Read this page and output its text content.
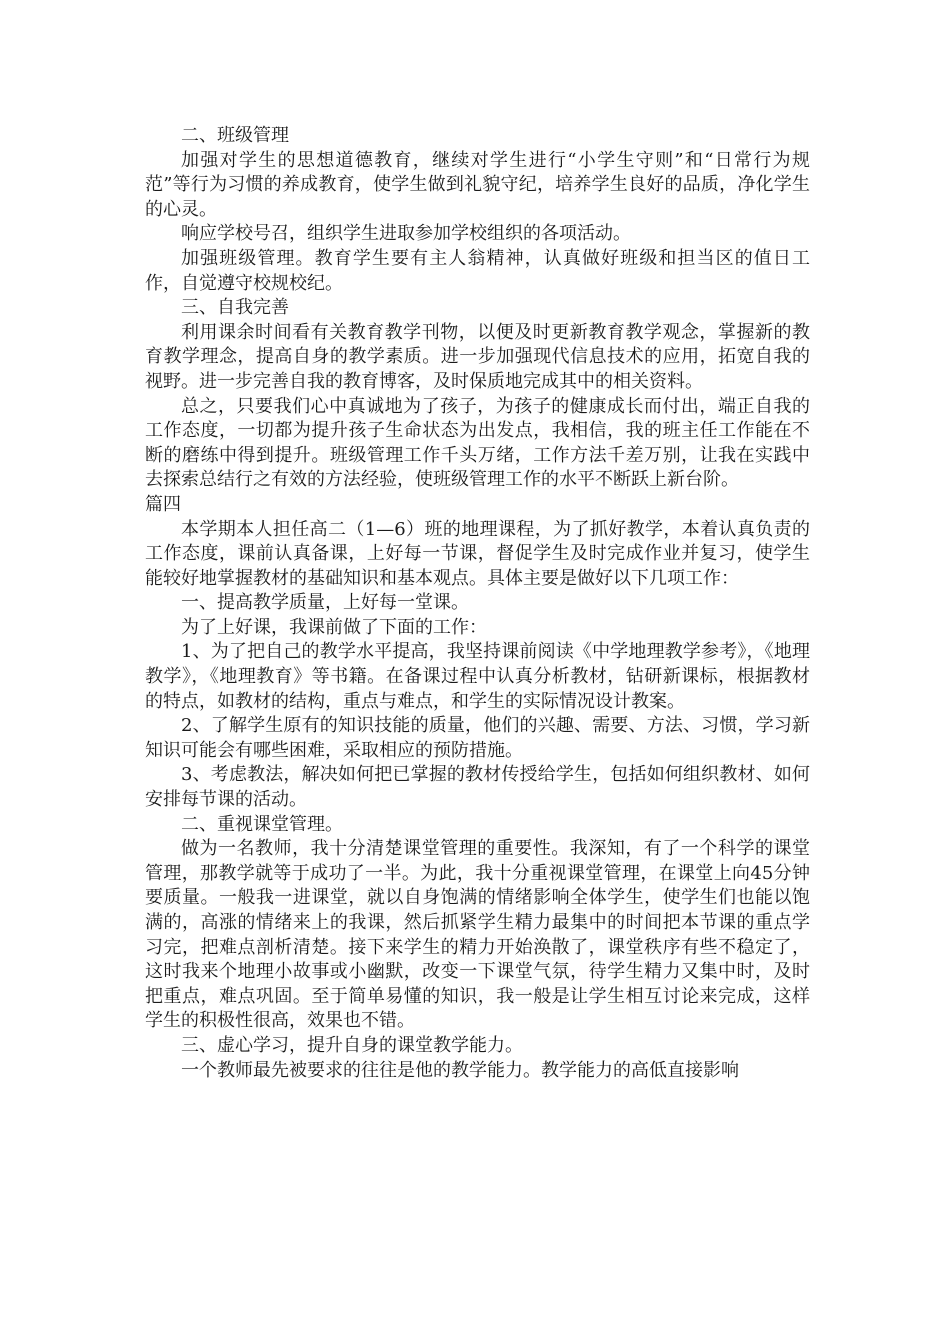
二、班级管理

加强对学生的思想道德教育，继续对学生进行“小学生守则”和“日常行为规范”等行为习惯的养成教育，使学生做到礼貌守纪，培养学生良好的品质，净化学生的心灵。

响应学校号召，组织学生进取参加学校组织的各项活动。

加强班级管理。教育学生要有主人翁精神，认真做好班级和担当区的值日工作，自觉遵守校规校纪。

三、自我完善

利用课余时间看有关教育教学刊物，以便及时更新教育教学观念，掌握新的教育教学理念，提高自身的教学素质。进一步加强现代信息技术的应用，拓宽自我的视野。进一步完善自我的教育博客，及时保质地完成其中的相关资料。

总之，只要我们心中真诚地为了孩子，为孩子的健康成长而付出，端正自我的工作态度，一切都为提升孩子生命状态为出发点，我相信，我的班主任工作能在不断的磨练中得到提升。班级管理工作千头万绪，工作方法千差万别，让我在实践中去探索总结行之有效的方法经验，使班级管理工作的水平不断跃上新台阶。

篇四

本学期本人担任高二（1—6）班的地理课程，为了抓好教学，本着认真负责的工作态度，课前认真备课，上好每一节课，督促学生及时完成作业并复习，使学生能较好地掌握教材的基础知识和基本观点。具体主要是做好以下几项工作：

一、提高教学质量，上好每一堂课。

为了上好课，我课前做了下面的工作：

1、为了把自己的教学水平提高，我坚持课前阅读《中学地理教学参考》，《地理教学》，《地理教育》等书籍。在备课过程中认真分析教材，钻研新课标，根据教材的特点，如教材的结构，重点与难点，和学生的实际情况设计教案。

2、了解学生原有的知识技能的质量，他们的兴趣、需要、方法、习惯，学习新知识可能会有哪些困难，采取相应的预防措施。

3、考虑教法，解决如何把已掌握的教材传授给学生，包括如何组织教材、如何安排每节课的活动。

二、重视课堂管理。

做为一名教师，我十分清楚课堂管理的重要性。我深知，有了一个科学的课堂管理，那教学就等于成功了一半。为此，我十分重视课堂管理，在课堂上向45分钟要质量。一般我一进课堂，就以自身饱满的情绪影响全体学生，使学生们也能以饱满的，高涨的情绪来上的我课，然后抓紧学生精力最集中的时间把本节课的重点学习完，把难点剖析清楚。接下来学生的精力开始涣散了，课堂秩序有些不稳定了，这时我来个地理小故事或小幽默，改变一下课堂气氛，待学生精力又集中时，及时把重点，难点巩固。至于简单易懂的知识，我一般是让学生相互讨论来完成，这样学生的积极性很高，效果也不错。

三、虚心学习，提升自身的课堂教学能力。

一个教师最先被要求的往往是他的教学能力。教学能力的高低直接影响
